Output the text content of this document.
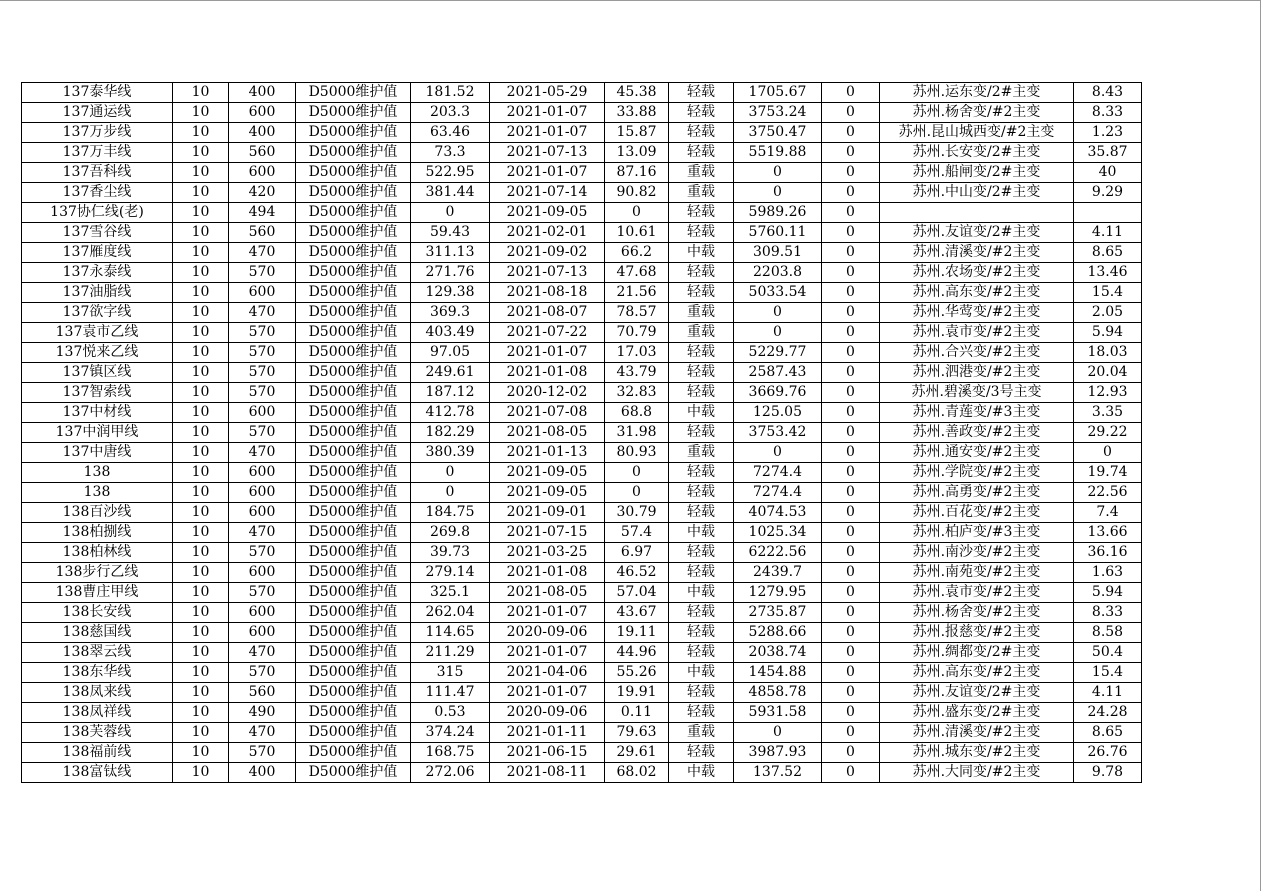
137泰华线	10	400	D5000维护值	181.52	2021-05-29	45.38	轻载	1705.67	0	苏州.运东变/2#主变	8.43
137通运线	10	600	D5000维护值	203.3	2021-01-07	33.88	轻载	3753.24	0	苏州.杨舍变/#2主变	8.33
137万步线	10	400	D5000维护值	63.46	2021-01-07	15.87	轻载	3750.47	0	苏州.昆山城西变/#2主变	1.23
137万丰线	10	560	D5000维护值	73.3	2021-07-13	13.09	轻载	5519.88	0	苏州.长安变/2#主变	35.87
137吾科线	10	600	D5000维护值	522.95	2021-01-07	87.16	重载	0	0	苏州.船闸变/2#主变	40
137香尘线	10	420	D5000维护值	381.44	2021-07-14	90.82	重载	0	0	苏州.中山变/2#主变	9.29
137协仁线(老)	10	494	D5000维护值	0	2021-09-05	0	轻载	5989.26	0		
137雪谷线	10	560	D5000维护值	59.43	2021-02-01	10.61	轻载	5760.11	0	苏州.友谊变/2#主变	4.11
137雁度线	10	470	D5000维护值	311.13	2021-09-02	66.2	中载	309.51	0	苏州.清溪变/#2主变	8.65
137永泰线	10	570	D5000维护值	271.76	2021-07-13	47.68	轻载	2203.8	0	苏州.农场变/#2主变	13.46
137油脂线	10	600	D5000维护值	129.38	2021-08-18	21.56	轻载	5033.54	0	苏州.高东变/#2主变	15.4
137欲字线	10	470	D5000维护值	369.3	2021-08-07	78.57	重载	0	0	苏州.华莺变/#2主变	2.05
137袁市乙线	10	570	D5000维护值	403.49	2021-07-22	70.79	重载	0	0	苏州.袁市变/#2主变	5.94
137悦来乙线	10	570	D5000维护值	97.05	2021-01-07	17.03	轻载	5229.77	0	苏州.合兴变/#2主变	18.03
137镇区线	10	570	D5000维护值	249.61	2021-01-08	43.79	轻载	2587.43	0	苏州.泗港变/#2主变	20.04
137智索线	10	570	D5000维护值	187.12	2020-12-02	32.83	轻载	3669.76	0	苏州.碧溪变/3号主变	12.93
137中材线	10	600	D5000维护值	412.78	2021-07-08	68.8	中载	125.05	0	苏州.青莲变/#3主变	3.35
137中润甲线	10	570	D5000维护值	182.29	2021-08-05	31.98	轻载	3753.42	0	苏州.善政变/#2主变	29.22
137中唐线	10	470	D5000维护值	380.39	2021-01-13	80.93	重载	0	0	苏州.通安变/#2主变	0
138	10	600	D5000维护值	0	2021-09-05	0	轻载	7274.4	0	苏州.学院变/#2主变	19.74
138	10	600	D5000维护值	0	2021-09-05	0	轻载	7274.4	0	苏州.高勇变/#2主变	22.56
138百沙线	10	600	D5000维护值	184.75	2021-09-01	30.79	轻载	4074.53	0	苏州.百花变/#2主变	7.4
138柏捌线	10	470	D5000维护值	269.8	2021-07-15	57.4	中载	1025.34	0	苏州.柏庐变/#3主变	13.66
138柏林线	10	570	D5000维护值	39.73	2021-03-25	6.97	轻载	6222.56	0	苏州.南沙变/#2主变	36.16
138步行乙线	10	600	D5000维护值	279.14	2021-01-08	46.52	轻载	2439.7	0	苏州.南苑变/#2主变	1.63
138曹庄甲线	10	570	D5000维护值	325.1	2021-08-05	57.04	中载	1279.95	0	苏州.袁市变/#2主变	5.94
138长安线	10	600	D5000维护值	262.04	2021-01-07	43.67	轻载	2735.87	0	苏州.杨舍变/#2主变	8.33
138慈国线	10	600	D5000维护值	114.65	2020-09-06	19.11	轻载	5288.66	0	苏州.报慈变/#2主变	8.58
138翠云线	10	470	D5000维护值	211.29	2021-01-07	44.96	轻载	2038.74	0	苏州.绸都变/2#主变	50.4
138东华线	10	570	D5000维护值	315	2021-04-06	55.26	中载	1454.88	0	苏州.高东变/#2主变	15.4
138凤来线	10	560	D5000维护值	111.47	2021-01-07	19.91	轻载	4858.78	0	苏州.友谊变/2#主变	4.11
138凤祥线	10	490	D5000维护值	0.53	2020-09-06	0.11	轻载	5931.58	0	苏州.盛东变/2#主变	24.28
138芙蓉线	10	470	D5000维护值	374.24	2021-01-11	79.63	重载	0	0	苏州.清溪变/#2主变	8.65
138福前线	10	570	D5000维护值	168.75	2021-06-15	29.61	轻载	3987.93	0	苏州.城东变/#2主变	26.76
138富钛线	10	400	D5000维护值	272.06	2021-08-11	68.02	中载	137.52	0	苏州.大同变/#2主变	9.78
